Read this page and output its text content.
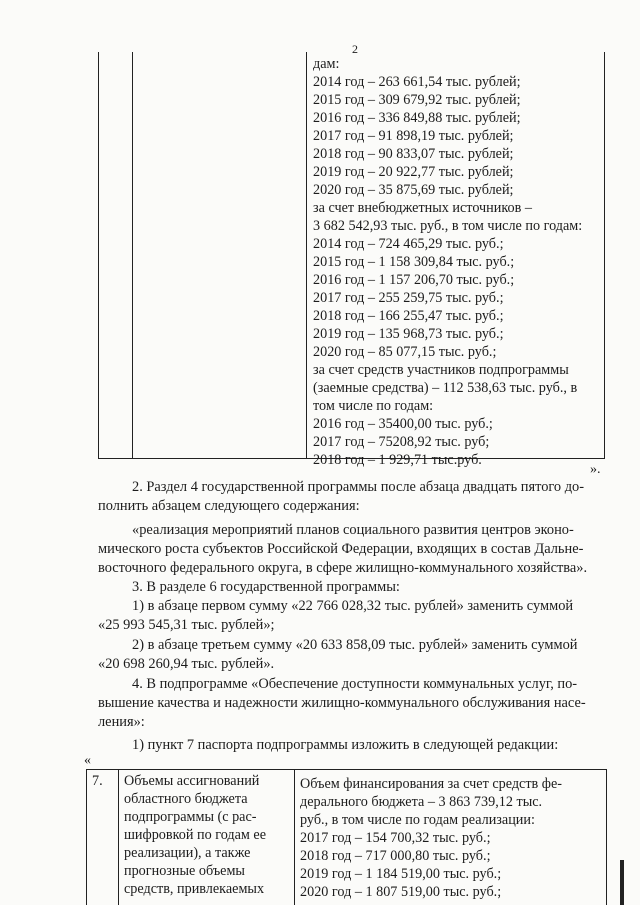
2
дам:
2014 год – 263 661,54 тыс. рублей;
2015 год – 309 679,92 тыс. рублей;
2016 год – 336 849,88 тыс. рублей;
2017 год – 91 898,19 тыс. рублей;
2018 год – 90 833,07 тыс. рублей;
2019 год – 20 922,77 тыс. рублей;
2020 год – 35 875,69 тыс. рублей;
за счет внебюджетных источников –
3 682 542,93 тыс. руб., в том числе по годам:
2014 год – 724 465,29 тыс. руб.;
2015 год – 1 158 309,84 тыс. руб.;
2016 год – 1 157 206,70 тыс. руб.;
2017 год – 255 259,75 тыс. руб.;
2018 год – 166 255,47 тыс. руб.;
2019 год – 135 968,73 тыс. руб.;
2020 год – 85 077,15 тыс. руб.;
за счет средств участников подпрограммы
(заемные средства) – 112 538,63 тыс. руб., в
том числе по годам:
2016 год – 35400,00 тыс. руб.;
2017 год – 75208,92 тыс. руб;
2018 год – 1 929,71 тыс.руб.
».
2. Раздел 4 государственной программы после абзаца двадцать пятого до-
полнить абзацем следующего содержания:
«реализация мероприятий планов социального развития центров эконо-
мического роста субъектов Российской Федерации, входящих в состав Дальне-
восточного федерального округа, в сфере жилищно-коммунального хозяйства».
3. В разделе 6 государственной программы:
1) в абзаце первом сумму «22 766 028,32 тыс. рублей» заменить суммой
«25 993 545,31 тыс. рублей»;
2) в абзаце третьем сумму «20 633 858,09 тыс. рублей» заменить суммой
«20 698 260,94 тыс. рублей».
4. В подпрограмме «Обеспечение доступности коммунальных услуг, по-
вышение качества и надежности жилищно-коммунального обслуживания насе-
ления»:
1) пункт 7 паспорта подпрограммы изложить в следующей редакции:
«
7. Объемы ассигнований
областного бюджета
подпрограммы (с рас-
шифровкой по годам ее
реализации), а также
прогнозные объемы
средств, привлекаемых
Объем финансирования за счет средств фе-
дерального бюджета – 3 863 739,12 тыс.
руб., в том числе по годам реализации:
2017 год – 154 700,32 тыс. руб.;
2018 год – 717 000,80 тыс. руб.;
2019 год – 1 184 519,00 тыс. руб.;
2020 год – 1 807 519,00 тыс. руб.;
